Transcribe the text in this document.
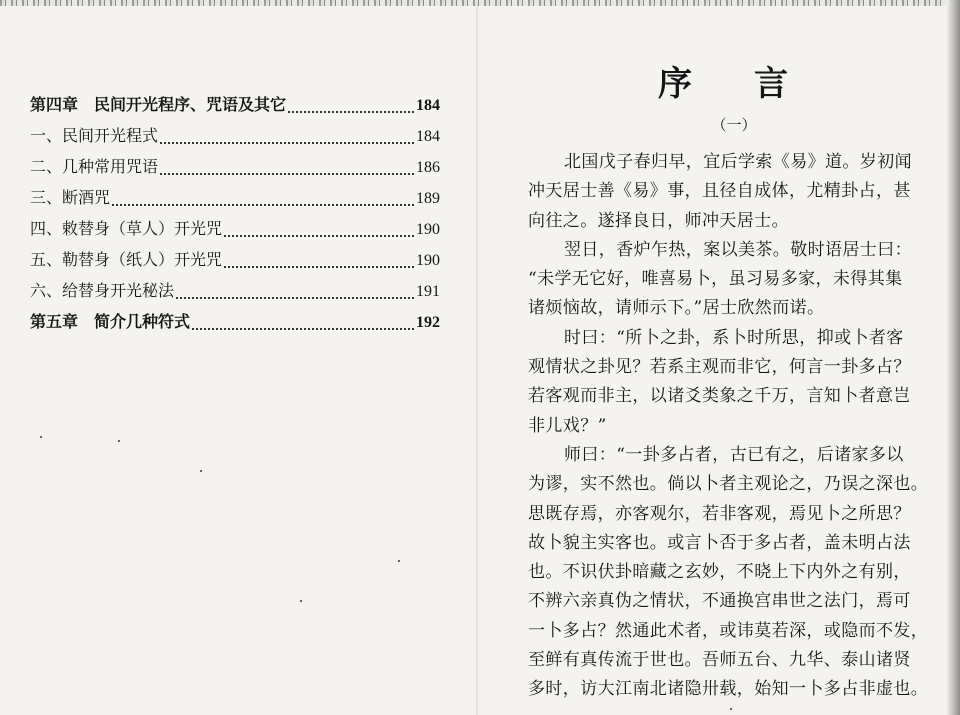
第四章　民间开光程序、咒语及其它	184
一、民间开光程式	184
二、几种常用咒语	186
三、断酒咒	189
四、敕替身（草人）开光咒	190
五、勒替身（纸人）开光咒	190
六、给替身开光秘法	191
第五章　简介几种符式	192
序言
（一）
北国戊子春归早，宜后学索《易》道。岁初闻
冲天居士善《易》事，且径自成体，尤精卦占，甚
向往之。遂择良日，师冲天居士。
翌日，香炉乍热，案以美茶。敬时语居士曰：
“未学无它好，唯喜易卜，虽习易多家，未得其集
诸烦恼故，请师示下。”居士欣然而诺。
时曰：“所卜之卦，系卜时所思，抑或卜者客
观情状之卦见？若系主观而非它，何言一卦多占？
若客观而非主，以诸爻类象之千万，言知卜者意岂
非儿戏？”
师曰：“一卦多占者，古已有之，后诸家多以
为谬，实不然也。倘以卜者主观论之，乃误之深也。
思既存焉，亦客观尔，若非客观，焉见卜之所思？
故卜貌主实客也。或言卜否于多占者，盖未明占法
也。不识伏卦暗藏之玄妙，不晓上下内外之有别，
不辨六亲真伪之情状，不通换宫串世之法门，焉可
一卜多占？然通此术者，或讳莫若深，或隐而不发，
至鲜有真传流于世也。吾师五台、九华、泰山诸贤
多时，访大江南北诸隐卅载，始知一卜多占非虚也。
